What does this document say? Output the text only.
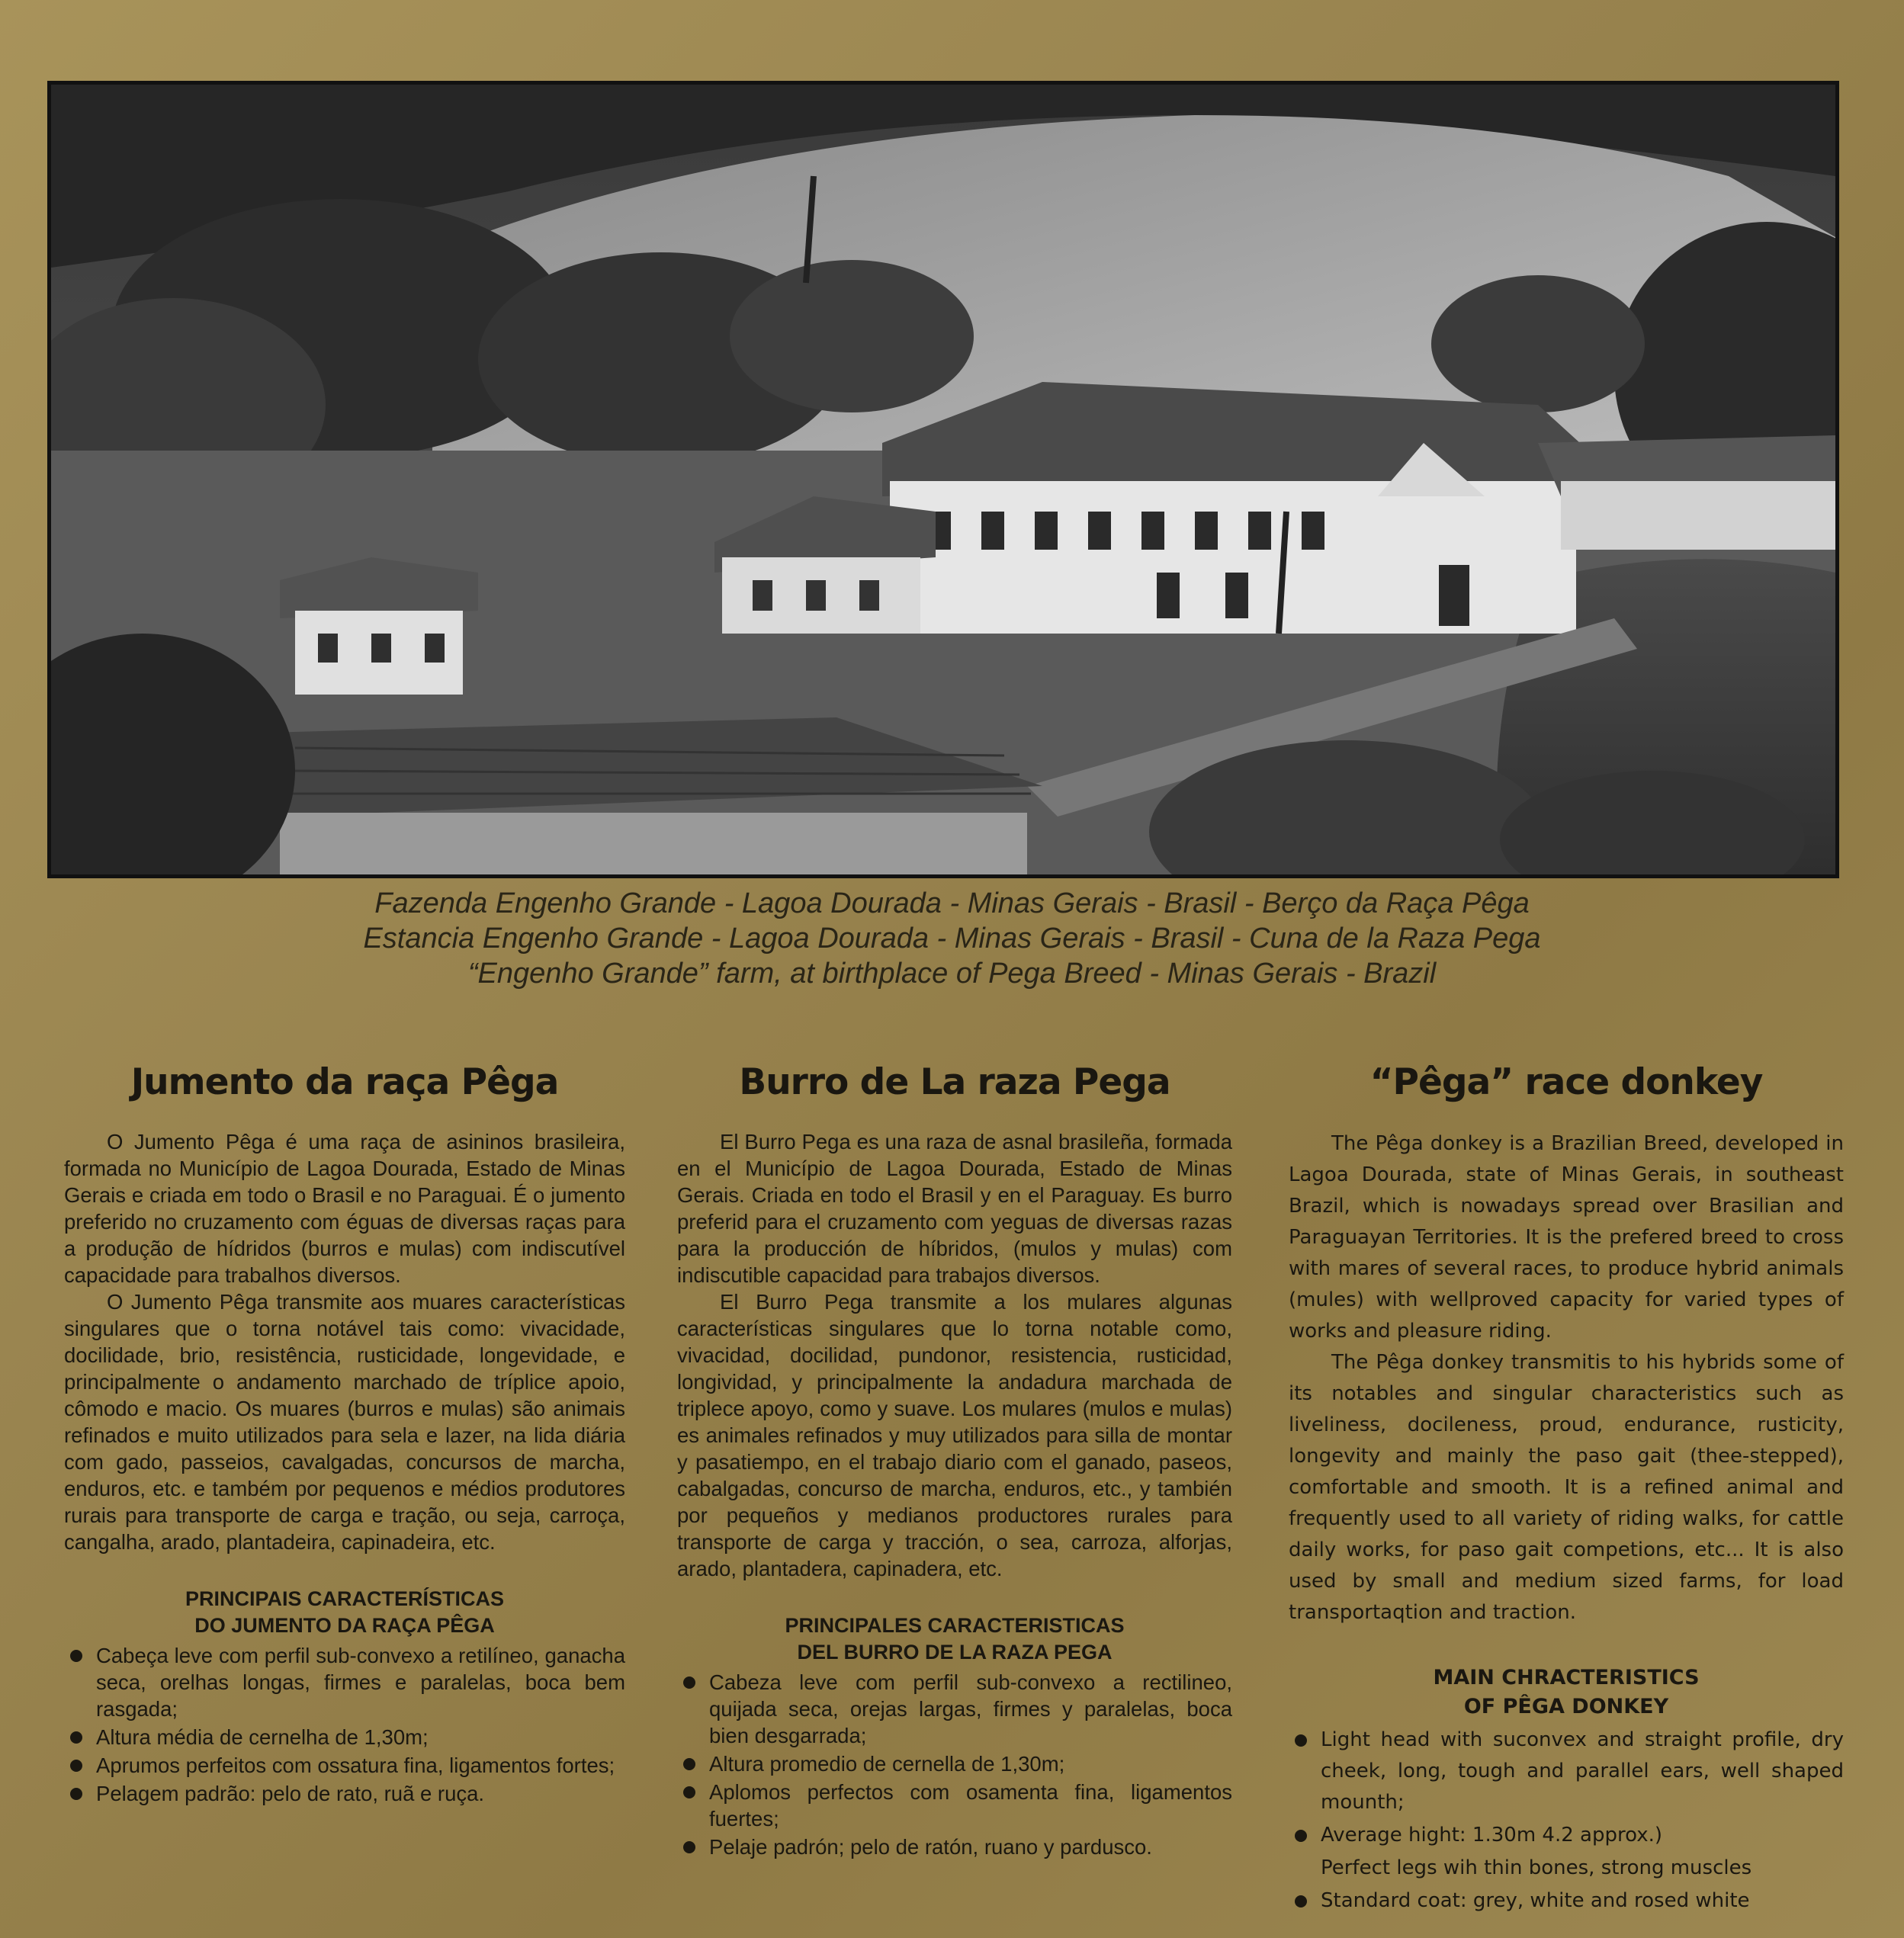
Fazenda Engenho Grande - Lagoa Dourada - Minas Gerais - Brasil - Berço da Raça Pêga
Estancia Engenho Grande - Lagoa Dourada - Minas Gerais - Brasil - Cuna de la Raza Pega
“Engenho Grande” farm, at birthplace of Pega Breed - Minas Gerais - Brazil
Jumento da raça Pêga

O Jumento Pêga é uma raça de asininos brasileira, formada no Município de Lagoa Dourada, Estado de Minas Gerais e criada em todo o Brasil e no Paraguai. É o jumento preferido no cruzamento com éguas de diversas raças para a produção de hídridos (burros e mulas) com indiscutível capacidade para trabalhos diversos.

O Jumento Pêga transmite aos muares características singulares que o torna notável tais como: vivacidade, docilidade, brio, resistência, rusticidade, longevidade, e principalmente o andamento marchado de tríplice apoio, cômodo e macio. Os muares (burros e mulas) são animais refinados e muito utilizados para sela e lazer, na lida diária com gado, passeios, cavalgadas, concursos de marcha, enduros, etc. e também por pequenos e médios produtores rurais para transporte de carga e tração, ou seja, carroça, cangalha, arado, plantadeira, capinadeira, etc.

PRINCIPAIS CARACTERÍSTICAS
DO JUMENTO DA RAÇA PÊGA
Cabeça leve com perfil sub-convexo a retilíneo, ganacha seca, orelhas longas, firmes e paralelas, boca bem rasgada;
Altura média de cernelha de 1,30m;
Aprumos perfeitos com ossatura fina, ligamentos fortes;
Pelagem padrão: pelo de rato, ruã e ruça.
Burro de La raza Pega

El Burro Pega es una raza de asnal brasileña, formada en el Município de Lagoa Dourada, Estado de Minas Gerais. Criada en todo el Brasil y en el Paraguay. Es burro preferid para el cruzamento com yeguas de diversas razas para la producción de híbridos, (mulos y mulas) com indiscutible capacidad para trabajos diversos.

El Burro Pega transmite a los mulares algunas características singulares que lo torna notable como, vivacidad, docilidad, pundonor, resistencia, rusticidad, longividad, y principalmente la andadura marchada de triplece apoyo, como y suave. Los mulares (mulos e mulas) es animales refinados y muy utilizados para silla de montar y pasatiempo, en el trabajo diario com el ganado, paseos, cabalgadas, concurso de marcha, enduros, etc., y también por pequeños y medianos productores rurales para transporte de carga y tracción, o sea, carroza, alforjas, arado, plantadera, capinadera, etc.

PRINCIPALES CARACTERISTICAS
DEL BURRO DE LA RAZA PEGA
Cabeza leve com perfil sub-convexo a rectilineo, quijada seca, orejas largas, firmes y paralelas, boca bien desgarrada;
Altura promedio de cernella de 1,30m;
Aplomos perfectos com osamenta fina, ligamentos fuertes;
Pelaje padrón; pelo de ratón, ruano y pardusco.
“Pêga” race donkey

The Pêga donkey is a Brazilian Breed, developed in Lagoa Dourada, state of Minas Gerais, in southeast Brazil, which is nowadays spread over Brasilian and Paraguayan Territories. It is the prefered breed to cross with mares of several races, to produce hybrid animals (mules) with wellproved capacity for varied types of works and pleasure riding.

The Pêga donkey transmitis to his hybrids some of its notables and singular characteristics such as liveliness, docileness, proud, endurance, rusticity, longevity and mainly the paso gait (thee-stepped), comfortable and smooth. It is a refined animal and frequently used to all variety of riding walks, for cattle daily works, for paso gait competions, etc... It is also used by small and medium sized farms, for load transportaqtion and traction.

MAIN CHRACTERISTICS
OF PÊGA DONKEY
Light head with suconvex and straight profile, dry cheek, long, tough and parallel ears, well shaped mounth;
Average hight: 1.30m 4.2 approx.)
Perfect legs wih thin bones, strong muscles
Standard coat: grey, white and rosed white
